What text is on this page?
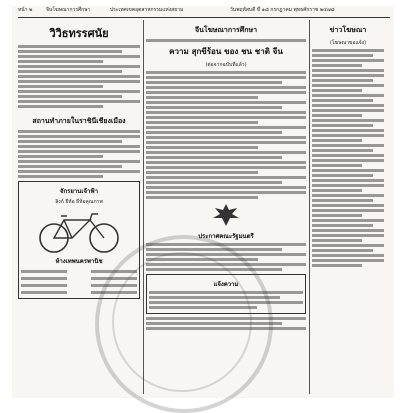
หน้า ๒	จีนโฆษณาการศึกษา	ประเทศเขตอุตสาหกรรมแห่งสยาม	วันพฤหัสบดี ที่ ๑๘ กรกฎาคม พุทธศักราช ๒๔๗๘
วิวิธทรรศนัย
สถานทำภายในราชินีเชียงเมือง
จักรยานเจ้าฟ้า
ลิงก์ ยี่ห้อ ยี่ห้อคุณภาพ
ห้างเทพนครพานิช
จีนโฆษณาการศึกษา
ความ สุกขีร้อน ของ ชน ชาติ จีน
(ต่อจากฉบับที่แล้ว)
ประกาศคณะรัฐมนตรี
แจ้งความ
ข่าวโฆษณา
(โฆษณาขอแจ้ง)
